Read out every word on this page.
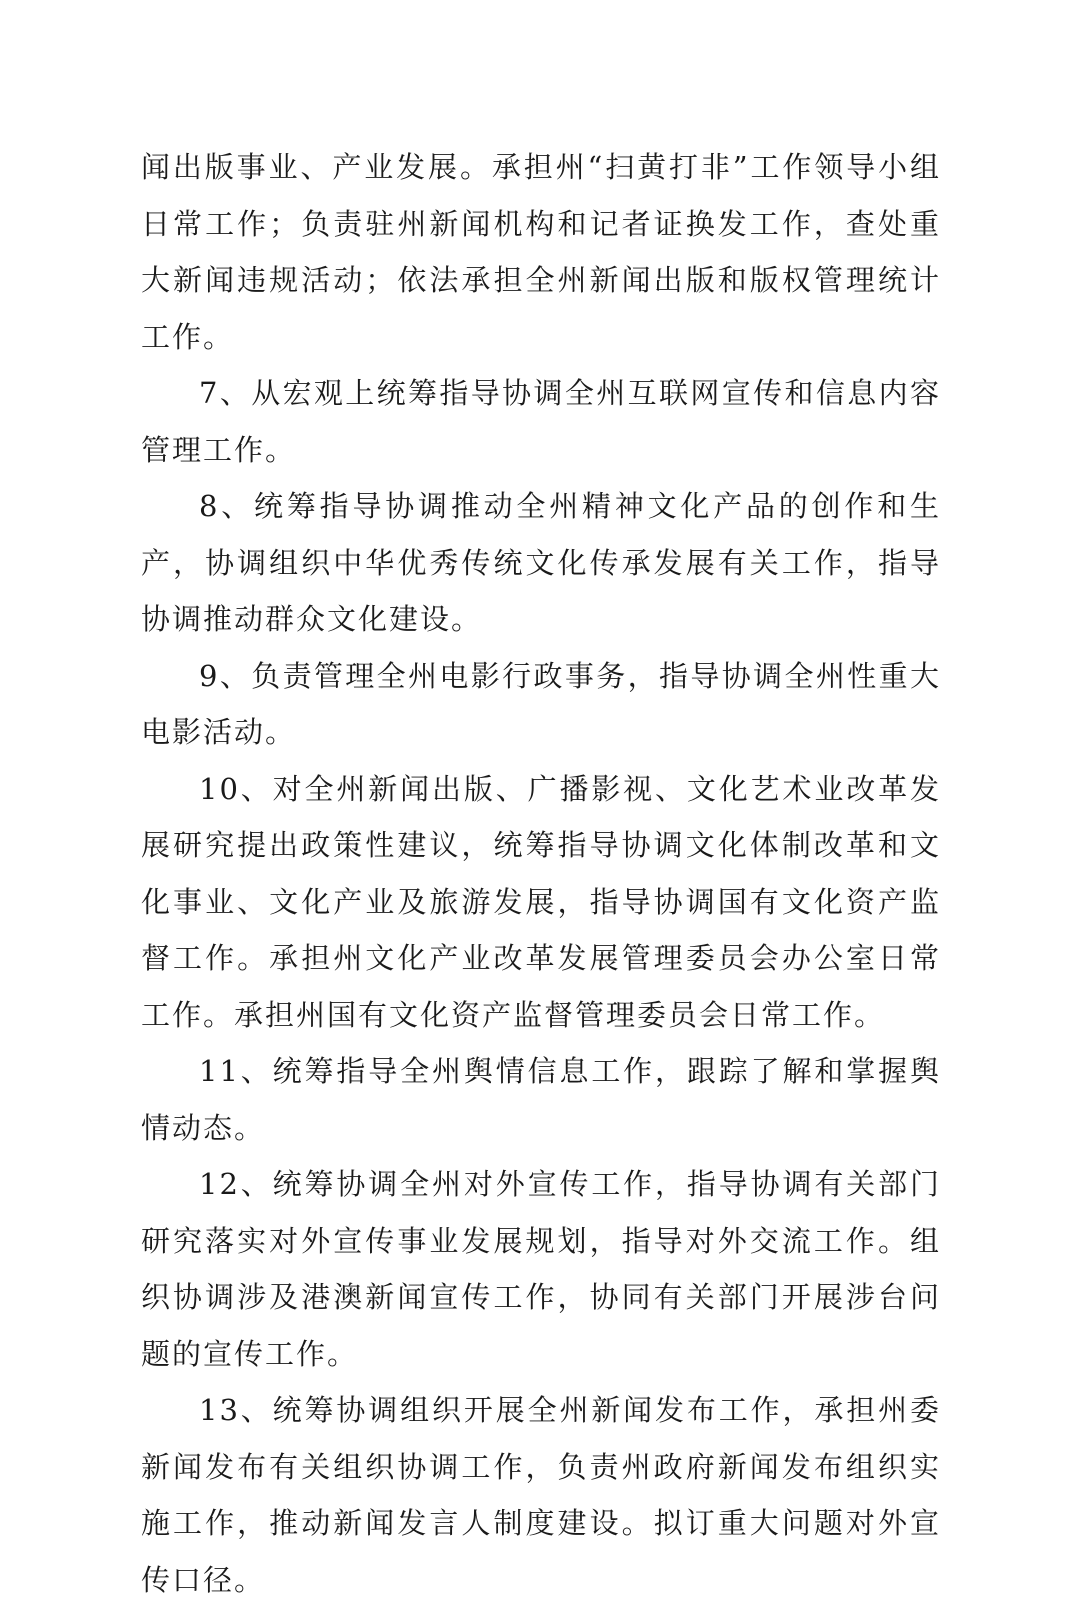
闻出版事业、产业发展。承担州“扫黄打非”工作领导小组日常工作；负责驻州新闻机构和记者证换发工作，查处重大新闻违规活动；依法承担全州新闻出版和版权管理统计工作。

7、从宏观上统筹指导协调全州互联网宣传和信息内容管理工作。

8、统筹指导协调推动全州精神文化产品的创作和生产，协调组织中华优秀传统文化传承发展有关工作，指导协调推动群众文化建设。

9、负责管理全州电影行政事务，指导协调全州性重大电影活动。

10、对全州新闻出版、广播影视、文化艺术业改革发展研究提出政策性建议，统筹指导协调文化体制改革和文化事业、文化产业及旅游发展，指导协调国有文化资产监督工作。承担州文化产业改革发展管理委员会办公室日常工作。承担州国有文化资产监督管理委员会日常工作。

11、统筹指导全州舆情信息工作，跟踪了解和掌握舆情动态。

12、统筹协调全州对外宣传工作，指导协调有关部门研究落实对外宣传事业发展规划，指导对外交流工作。组织协调涉及港澳新闻宣传工作，协同有关部门开展涉台问题的宣传工作。

13、统筹协调组织开展全州新闻发布工作，承担州委新闻发布有关组织协调工作，负责州政府新闻发布组织实施工作，推动新闻发言人制度建设。拟订重大问题对外宣传口径。
